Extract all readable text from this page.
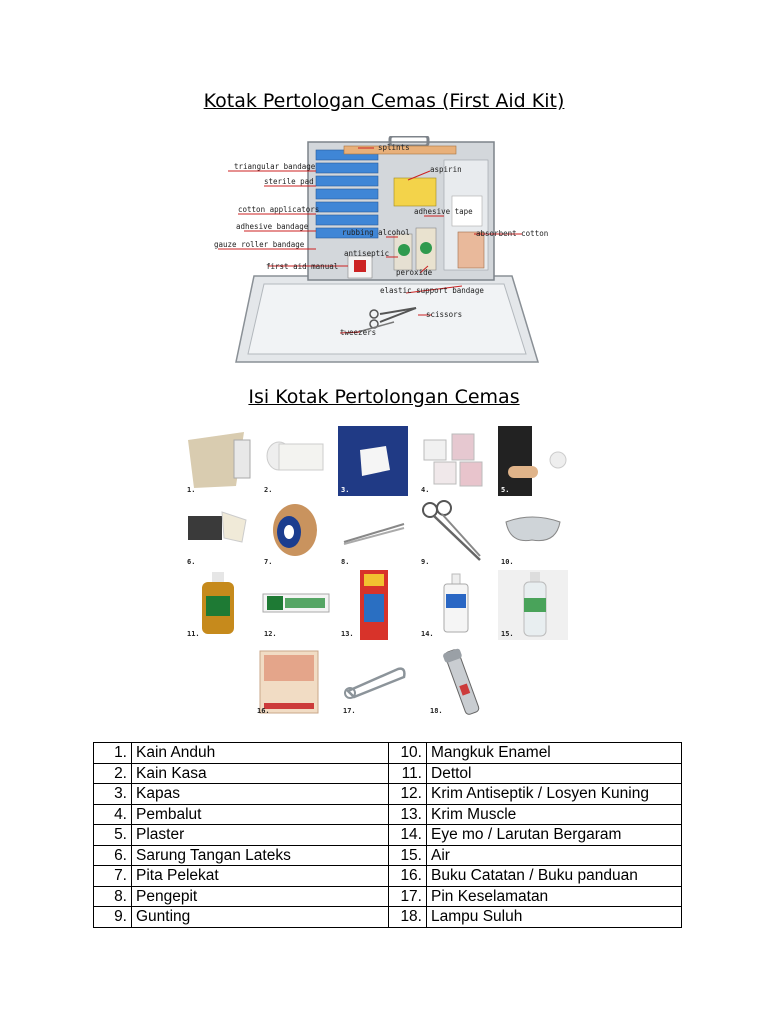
Kotak Pertologan Cemas (First Aid Kit)
splints
triangular bandage	aspirin
sterile pad
cotton applicators	adhesive tape
adhesive bandage
rubbing alcohol	absorbent cotton
gauze roller bandage
antiseptic
first aid manual
peroxide
elastic support bandage
scissors
tweezers
Isi Kotak Pertolongan Cemas
1.	2.	3.	4.	5.
6.	7.	8.	9.	10.
11.	12.	13.	14.	15.
16.	17.	18.
1.	Kain Anduh	10.	Mangkuk Enamel
2.	Kain Kasa	11.	Dettol
3.	Kapas	12.	Krim Antiseptik / Losyen Kuning
4.	Pembalut	13.	Krim Muscle
5.	Plaster	14.	Eye mo / Larutan Bergaram
6.	Sarung Tangan Lateks	15.	Air
7.	Pita Pelekat	16.	Buku Catatan / Buku panduan
8.	Pengepit	17.	Pin Keselamatan
9.	Gunting	18.	Lampu Suluh
